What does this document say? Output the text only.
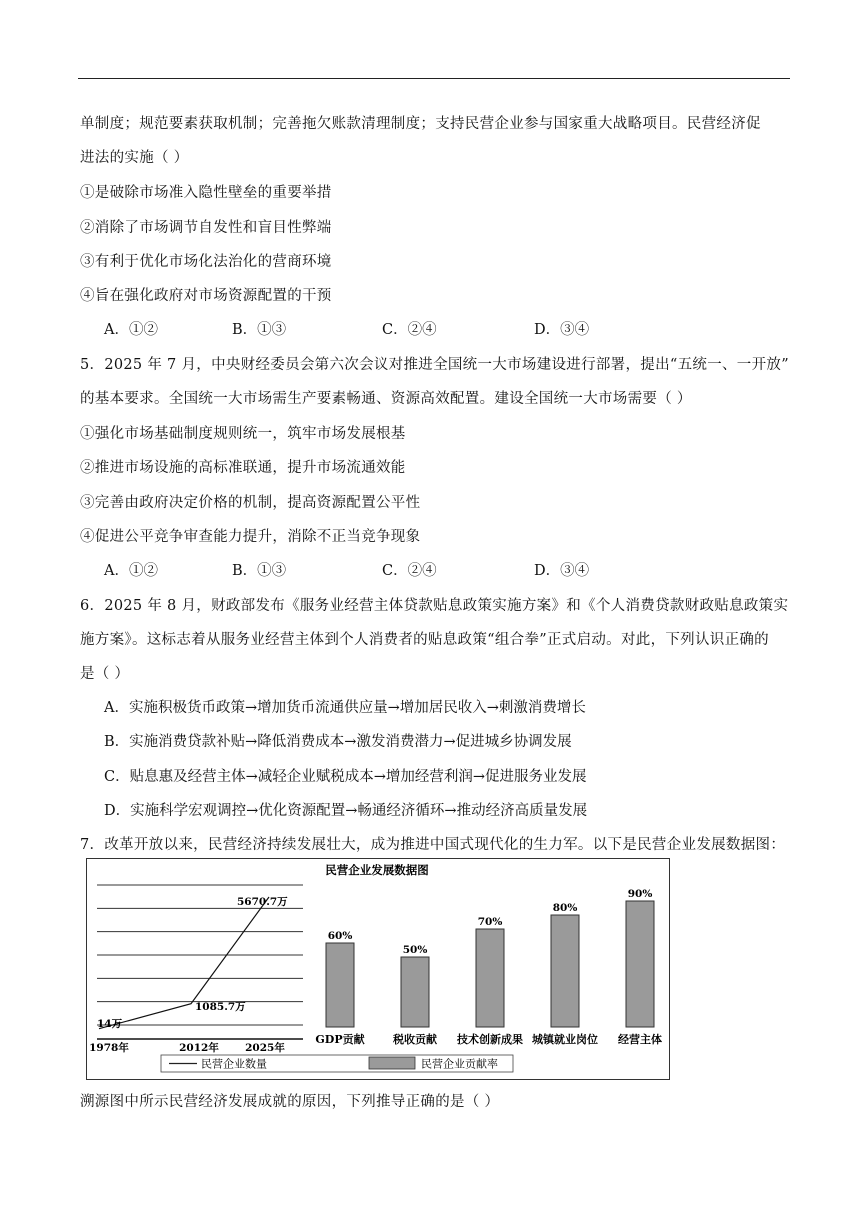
单制度；规范要素获取机制；完善拖欠账款清理制度；支持民营企业参与国家重大战略项目。民营经济促
进法的实施（ ）
①是破除市场准入隐性壁垒的重要举措
②消除了市场调节自发性和盲目性弊端
③有利于优化市场化法治化的营商环境
④旨在强化政府对市场资源配置的干预
A．①②	B．①③	C．②④	D．③④
5．2025 年 7 月，中央财经委员会第六次会议对推进全国统一大市场建设进行部署，提出“五统一、一开放”
的基本要求。全国统一大市场需生产要素畅通、资源高效配置。建设全国统一大市场需要（ ）
①强化市场基础制度规则统一，筑牢市场发展根基
②推进市场设施的高标准联通，提升市场流通效能
③完善由政府决定价格的机制，提高资源配置公平性
④促进公平竞争审查能力提升，消除不正当竞争现象
A．①②	B．①③	C．②④	D．③④
6．2025 年 8 月，财政部发布《服务业经营主体贷款贴息政策实施方案》和《个人消费贷款财政贴息政策实
施方案》。这标志着从服务业经营主体到个人消费者的贴息政策“组合拳”正式启动。对此，下列认识正确的
是（ ）
A．实施积极货币政策→增加货币流通供应量→增加居民收入→刺激消费增长
B．实施消费贷款补贴→降低消费成本→激发消费潜力→促进城乡协调发展
C．贴息惠及经营主体→减轻企业赋税成本→增加经营利润→促进服务业发展
D．实施科学宏观调控→优化资源配置→畅通经济循环→推动经济高质量发展
7．改革开放以来，民营经济持续发展壮大，成为推进中国式现代化的生力军。以下是民营企业发展数据图：
民营企业发展数据图
14万
1085.7万
5670.7万
1978年	2012年	2025年
60%
GDP贡献
50%
税收贡献
70%
技术创新成果
80%
城镇就业岗位
90%
经营主体
民营企业数量	民营企业贡献率
溯源图中所示民营经济发展成就的原因，下列推导正确的是（ ）
